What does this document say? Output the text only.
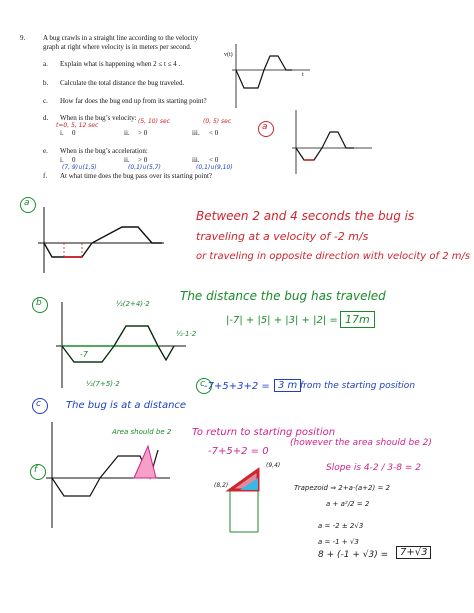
9.	A bug crawls in a straight line according to the velocity
graph at right where velocity is in meters per second.
a. Explain what is happening when 2 ≤ t ≤ 4 .
b. Calculate the total distance the bug traveled.
c. How far does the bug end up from its starting point?
d. When is the bug’s velocity:
t=0, 5, 12 sec
(5, 10) sec	(0, 5) sec
i. 0	ii. > 0	iii. < 0
e. When is the bug’s acceleration:
i. 0	ii. > 0	iii. < 0
(7, 9)∪(1,5)	(0,1)∪(5,7)	(0,1)∪(9,10)
f. At what time does the bug pass over its starting point?
v(t)
t
a
a
Between 2 and 4 seconds the bug is
traveling at a velocity of -2 m/s
or traveling in opposite direction with velocity of 2 m/s
b	½(2+4)·2
½·1·2
½(7+5)·2
-7
The distance the bug has traveled
|-7| + |5| + |3| + |2| = 17m
c -7+5+3+2 = 3 m from the starting position
c	The bug is at a distance
f
Area should be 2 To return to starting position
-7+5+2 = 0
(however the area should be 2)
(9,4)
(8,2)
Slope is 4-2 / 3-8 = 2
Trapezoid ⇒ 2+a·(a+2) = 2
a + a²/2 = 2
a = -2 ± 2√3
a = -1 + √3
8 + (-1 + √3) =	7+√3
